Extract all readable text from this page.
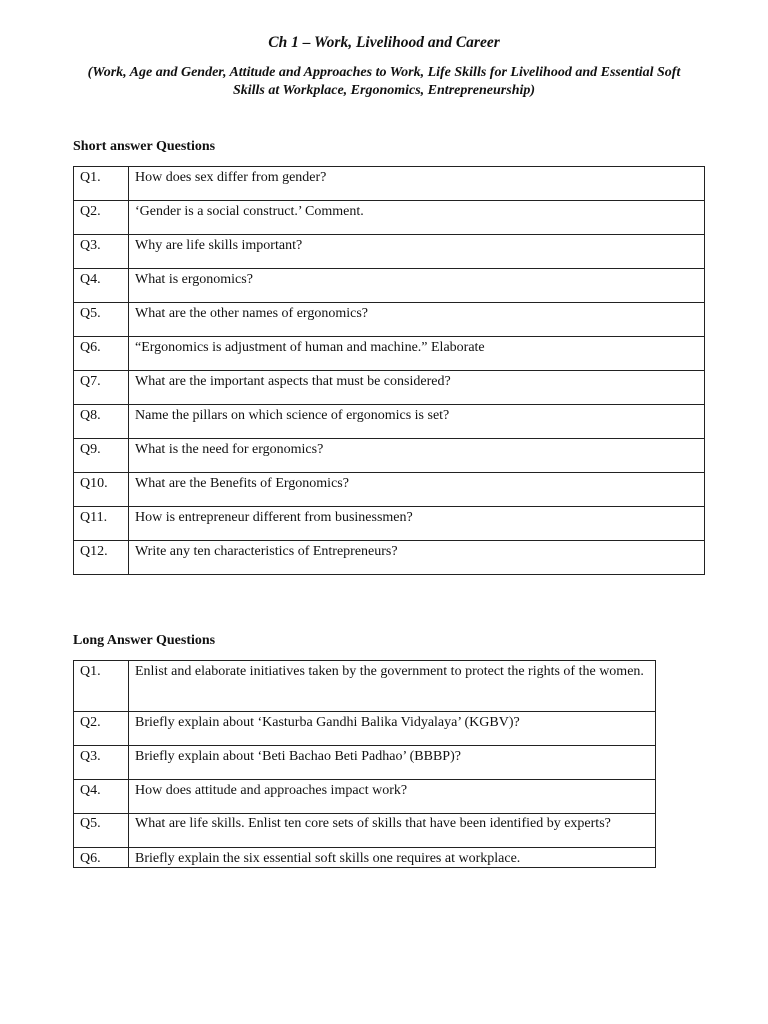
Ch 1 – Work, Livelihood and Career
(Work, Age and Gender, Attitude and Approaches to Work, Life Skills for Livelihood and Essential Soft Skills at Workplace, Ergonomics, Entrepreneurship)
Short answer Questions
Q1.	How does sex differ from gender?
Q2.	‘Gender is a social construct.’ Comment.
Q3.	Why are life skills important?
Q4.	What is ergonomics?
Q5.	What are the other names of ergonomics?
Q6.	“Ergonomics is adjustment of human and machine.” Elaborate
Q7.	What are the important aspects that must be considered?
Q8.	Name the pillars on which science of ergonomics is set?
Q9.	What is the need for ergonomics?
Q10.	What are the Benefits of Ergonomics?
Q11.	How is entrepreneur different from businessmen?
Q12.	Write any ten characteristics of Entrepreneurs?
Long Answer Questions
Q1.	Enlist and elaborate initiatives taken by the government to protect the rights of the women.
Q2.	Briefly explain about ‘Kasturba Gandhi Balika Vidyalaya’ (KGBV)?
Q3.	Briefly explain about ‘Beti Bachao Beti Padhao’ (BBBP)?
Q4.	How does attitude and approaches impact work?
Q5.	What are life skills. Enlist ten core sets of skills that have been identified by experts?
Q6.	Briefly explain the six essential soft skills one requires at workplace.
